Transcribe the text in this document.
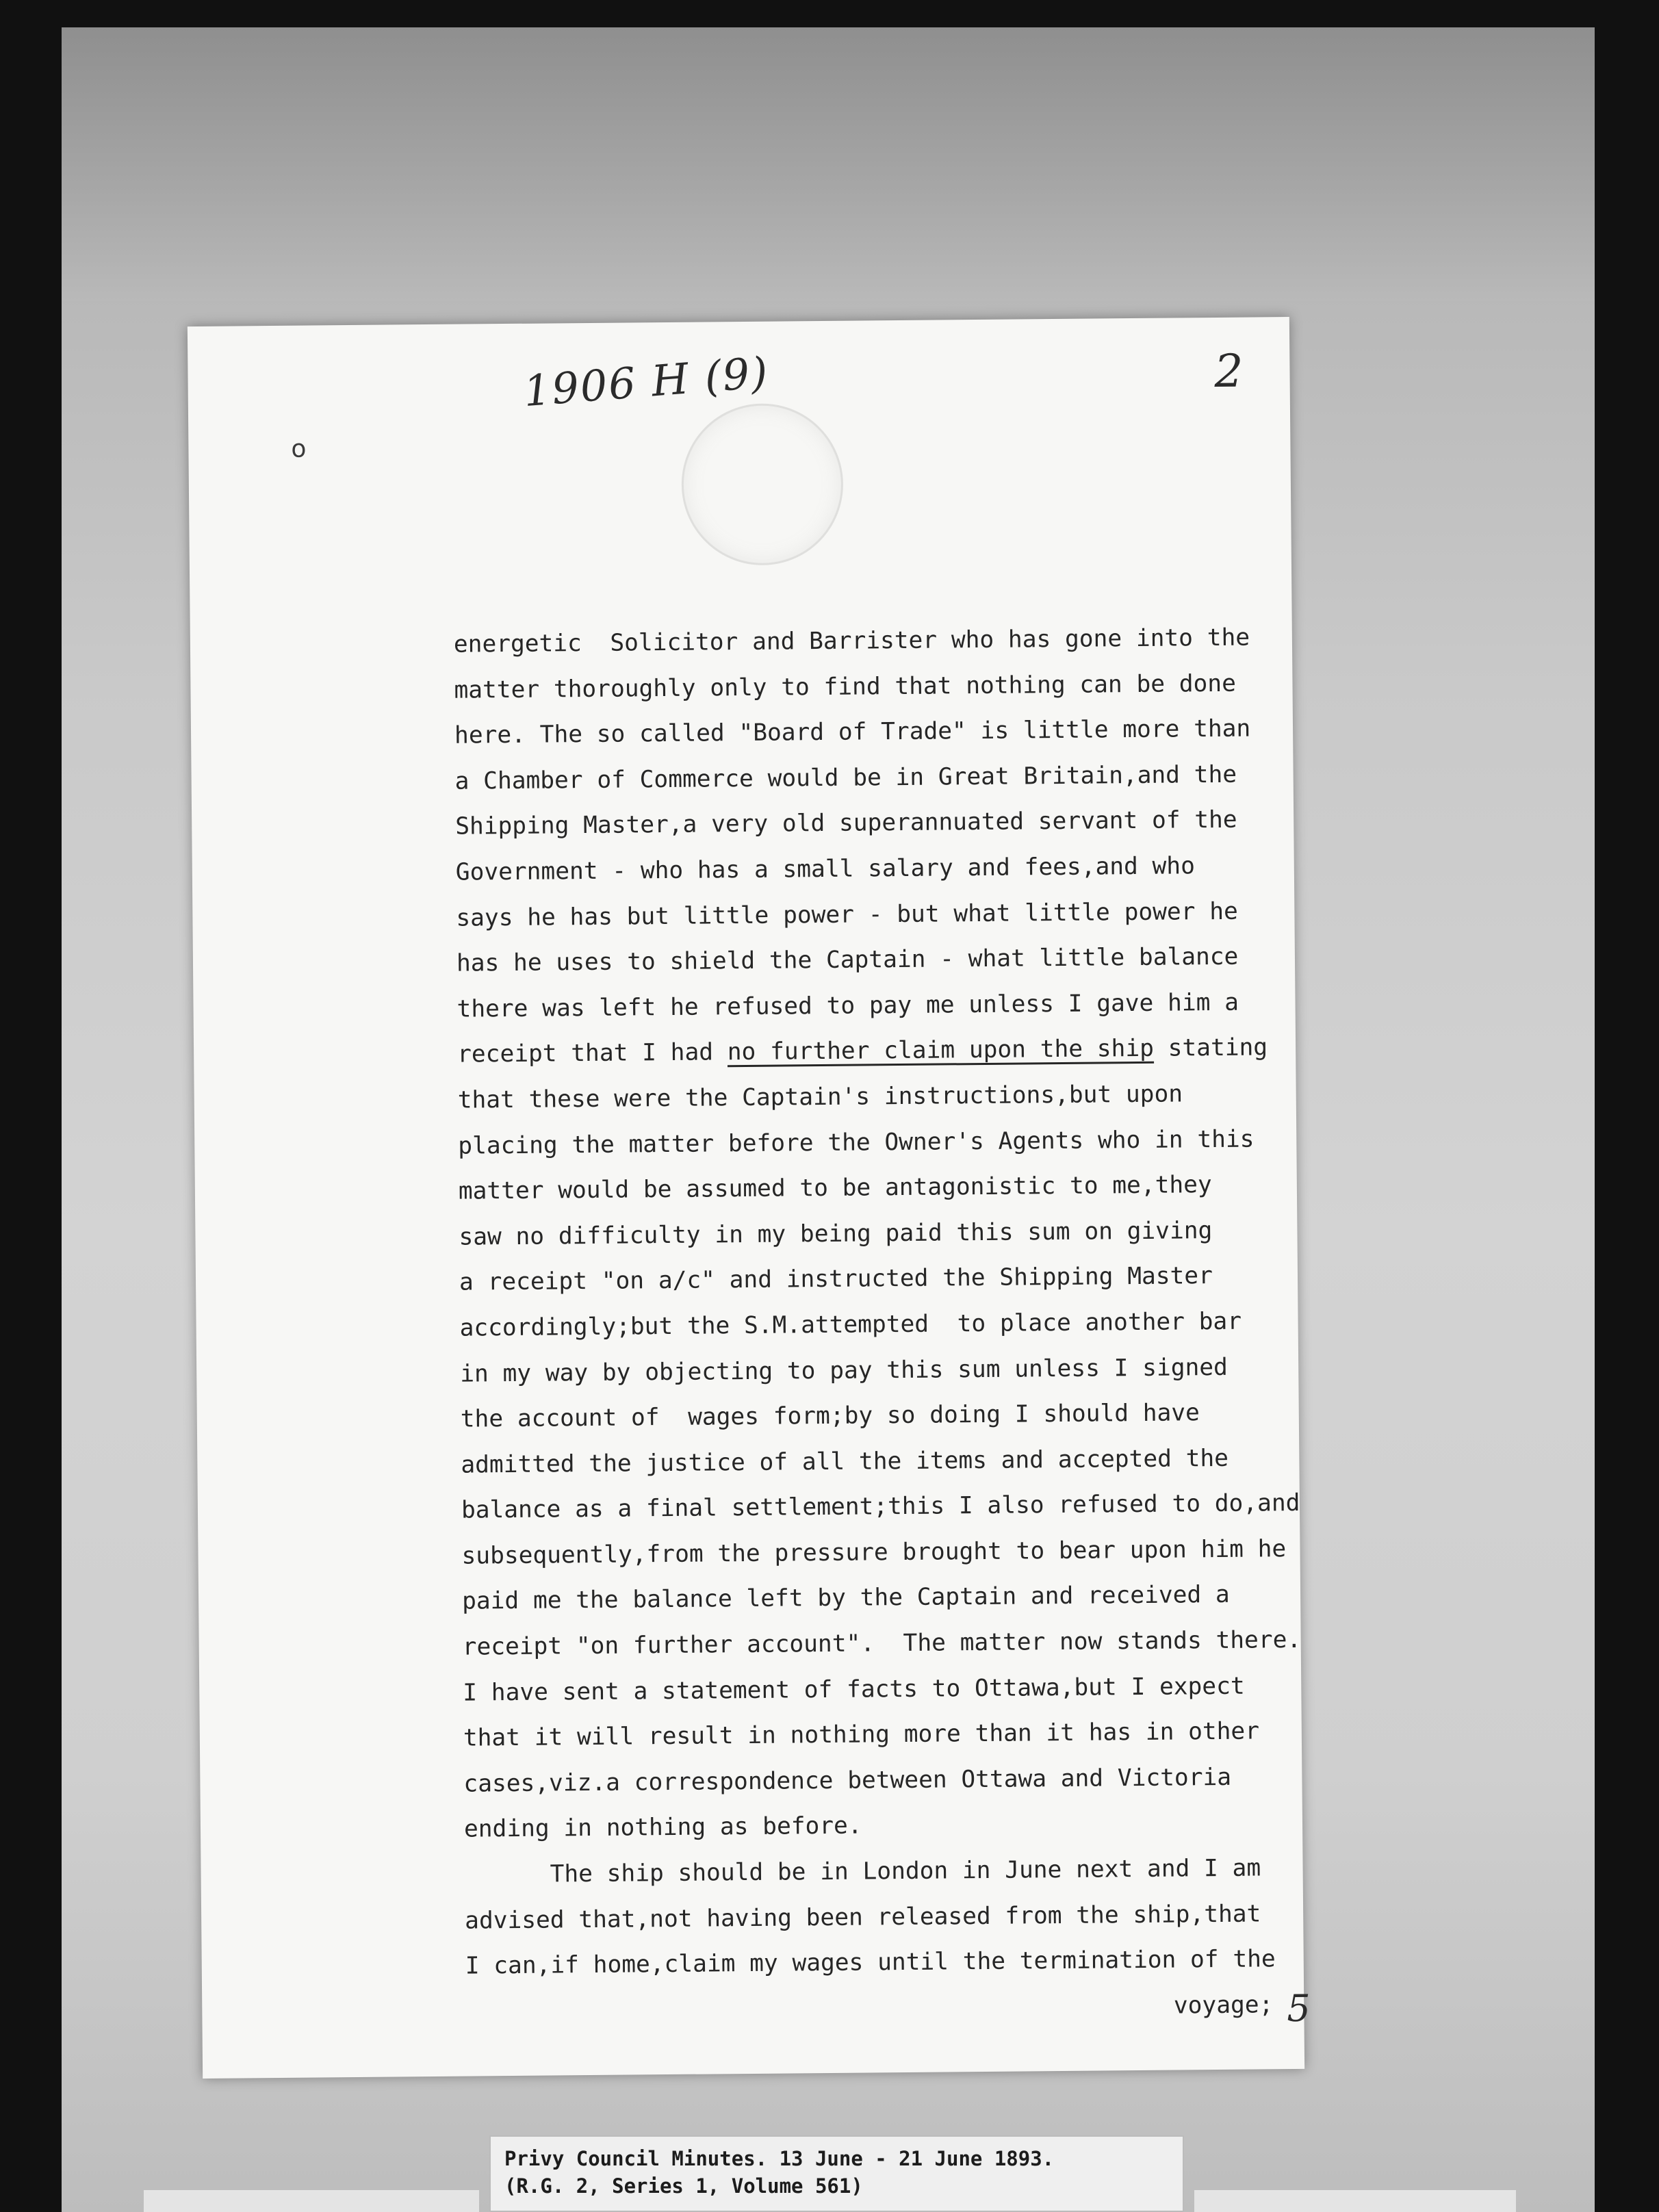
1906 H (9)	2
o
energetic  Solicitor and Barrister who has gone into the
matter thoroughly only to find that nothing can be done
here. The so called "Board of Trade" is little more than
a Chamber of Commerce would be in Great Britain,and the
Shipping Master,a very old superannuated servant of the
Government - who has a small salary and fees,and who
says he has but little power - but what little power he
has he uses to shield the Captain - what little balance
there was left he refused to pay me unless I gave him a
receipt that I had no further claim upon the ship stating
that these were the Captain's instructions,but upon
placing the matter before the Owner's Agents who in this
matter would be assumed to be antagonistic to me,they
saw no difficulty in my being paid this sum on giving
a receipt "on a/c" and instructed the Shipping Master
accordingly;but the S.M.attempted  to place another bar
in my way by objecting to pay this sum unless I signed
the account of  wages form;by so doing I should have
admitted the justice of all the items and accepted the
balance as a final settlement;this I also refused to do,and
subsequently,from the pressure brought to bear upon him he
paid me the balance left by the Captain and received a
receipt "on further account".  The matter now stands there.
I have sent a statement of facts to Ottawa,but I expect
that it will result in nothing more than it has in other
cases,viz.a correspondence between Ottawa and Victoria
ending in nothing as before.
The ship should be in London in June next and I am
advised that,not having been released from the ship,that
I can,if home,claim my wages until the termination of the
voyage; 5
Privy Council Minutes. 13 June - 21 June 1893.
(R.G. 2, Series 1, Volume 561)
